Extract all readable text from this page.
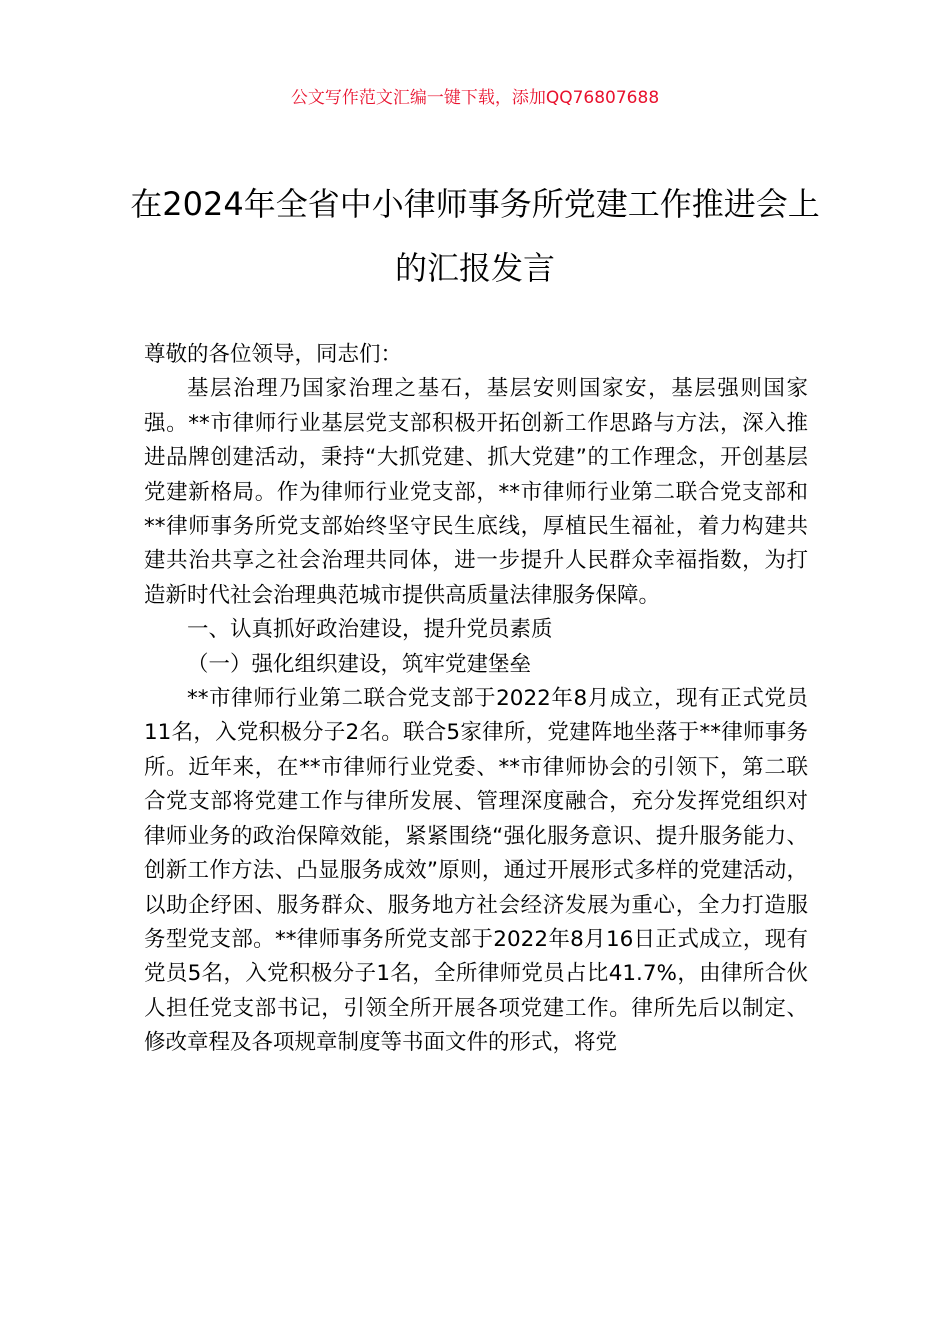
公文写作范文汇编一键下载，添加QQ76807688

在2024年全省中小律师事务所党建工作推进会上的汇报发言

尊敬的各位领导，同志们：

基层治理乃国家治理之基石，基层安则国家安，基层强则国家强。**市律师行业基层党支部积极开拓创新工作思路与方法，深入推进品牌创建活动，秉持“大抓党建、抓大党建”的工作理念，开创基层党建新格局。作为律师行业党支部，**市律师行业第二联合党支部和**律师事务所党支部始终坚守民生底线，厚植民生福祉，着力构建共建共治共享之社会治理共同体，进一步提升人民群众幸福指数，为打造新时代社会治理典范城市提供高质量法律服务保障。

一、认真抓好政治建设，提升党员素质

（一）强化组织建设，筑牢党建堡垒

**市律师行业第二联合党支部于2022年8月成立，现有正式党员11名，入党积极分子2名。联合5家律所，党建阵地坐落于**律师事务所。近年来，在**市律师行业党委、**市律师协会的引领下，第二联合党支部将党建工作与律所发展、管理深度融合，充分发挥党组织对律师业务的政治保障效能，紧紧围绕“强化服务意识、提升服务能力、创新工作方法、凸显服务成效”原则，通过开展形式多样的党建活动，以助企纾困、服务群众、服务地方社会经济发展为重心，全力打造服务型党支部。**律师事务所党支部于2022年8月16日正式成立，现有党员5名，入党积极分子1名，全所律师党员占比41.7%，由律所合伙人担任党支部书记，引领全所开展各项党建工作。律所先后以制定、修改章程及各项规章制度等书面文件的形式，将党
